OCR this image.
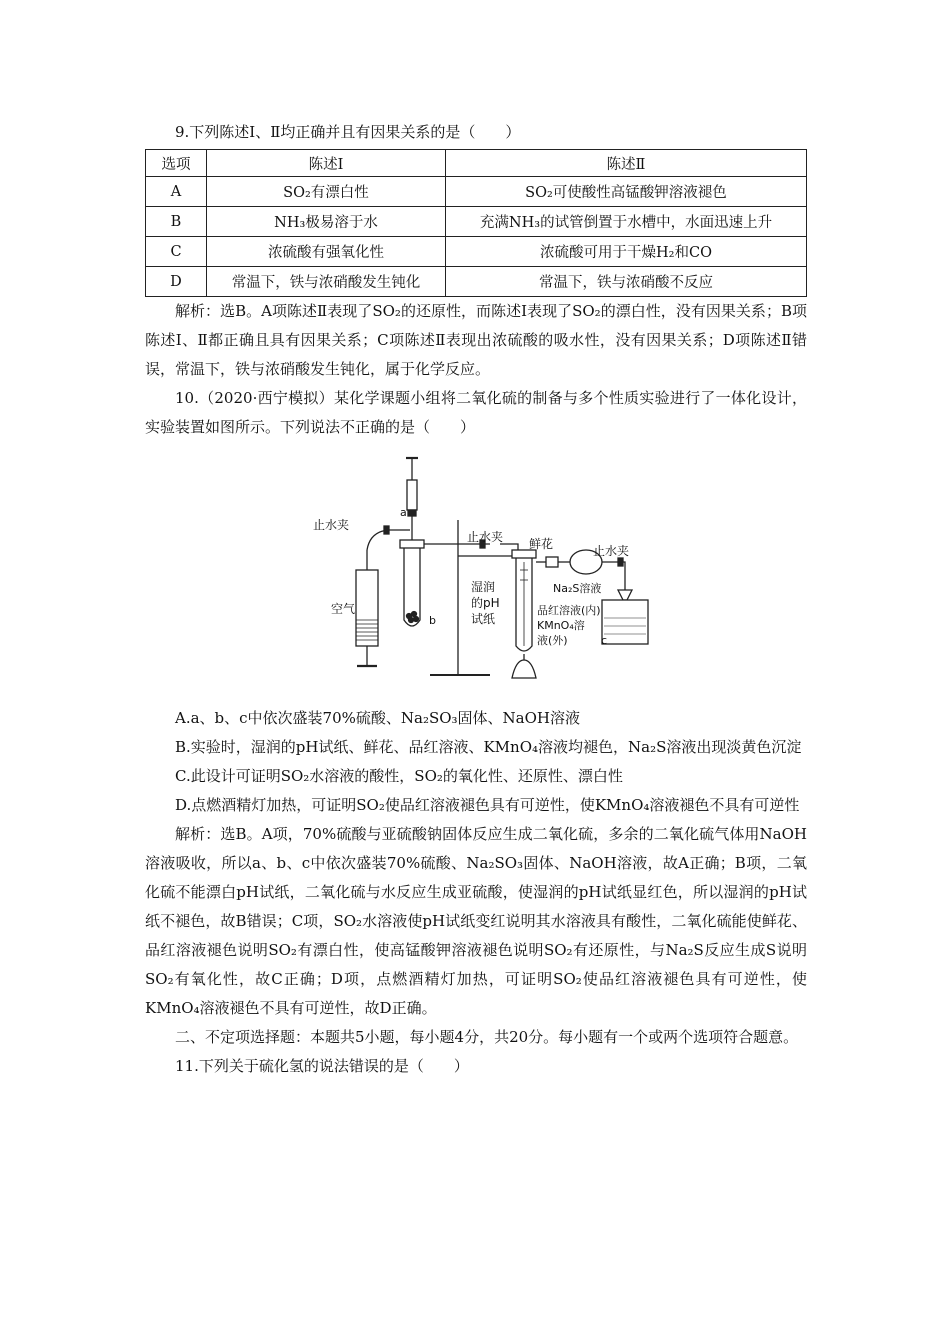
9.下列陈述Ⅰ、Ⅱ均正确并且有因果关系的是（　　）

选项	陈述Ⅰ	陈述Ⅱ
A	SO₂有漂白性	SO₂可使酸性高锰酸钾溶液褪色
B	NH₃极易溶于水	充满NH₃的试管倒置于水槽中，水面迅速上升
C	浓硫酸有强氧化性	浓硫酸可用于干燥H₂和CO
D	常温下，铁与浓硝酸发生钝化	常温下，铁与浓硝酸不反应

解析：选B。A项陈述Ⅱ表现了SO₂的还原性，而陈述Ⅰ表现了SO₂的漂白性，没有因果关系；B项陈述Ⅰ、Ⅱ都正确且具有因果关系；C项陈述Ⅱ表现出浓硫酸的吸水性，没有因果关系；D项陈述Ⅱ错误，常温下，铁与浓硝酸发生钝化，属于化学反应。

10.（2020·西宁模拟）某化学课题小组将二氧化硫的制备与多个性质实验进行了一体化设计，实验装置如图所示。下列说法不正确的是（　　）

止水夹
a
b
空气
止水夹 鲜花	止水夹
湿润
的pH
试纸
Na₂S溶液
品红溶液(内)
KMnO₄溶
液(外)	c

A.a、b、c中依次盛装70%硫酸、Na₂SO₃固体、NaOH溶液

B.实验时，湿润的pH试纸、鲜花、品红溶液、KMnO₄溶液均褪色，Na₂S溶液出现淡黄色沉淀

C.此设计可证明SO₂水溶液的酸性，SO₂的氧化性、还原性、漂白性

D.点燃酒精灯加热，可证明SO₂使品红溶液褪色具有可逆性，使KMnO₄溶液褪色不具有可逆性

解析：选B。A项，70%硫酸与亚硫酸钠固体反应生成二氧化硫，多余的二氧化硫气体用NaOH溶液吸收，所以a、b、c中依次盛装70%硫酸、Na₂SO₃固体、NaOH溶液，故A正确；B项，二氧化硫不能漂白pH试纸，二氧化硫与水反应生成亚硫酸，使湿润的pH试纸显红色，所以湿润的pH试纸不褪色，故B错误；C项，SO₂水溶液使pH试纸变红说明其水溶液具有酸性，二氧化硫能使鲜花、品红溶液褪色说明SO₂有漂白性，使高锰酸钾溶液褪色说明SO₂有还原性，与Na₂S反应生成S说明SO₂有氧化性，故C正确；D项，点燃酒精灯加热，可证明SO₂使品红溶液褪色具有可逆性，使KMnO₄溶液褪色不具有可逆性，故D正确。

二、不定项选择题：本题共5小题，每小题4分，共20分。每小题有一个或两个选项符合题意。

11.下列关于硫化氢的说法错误的是（　　）
